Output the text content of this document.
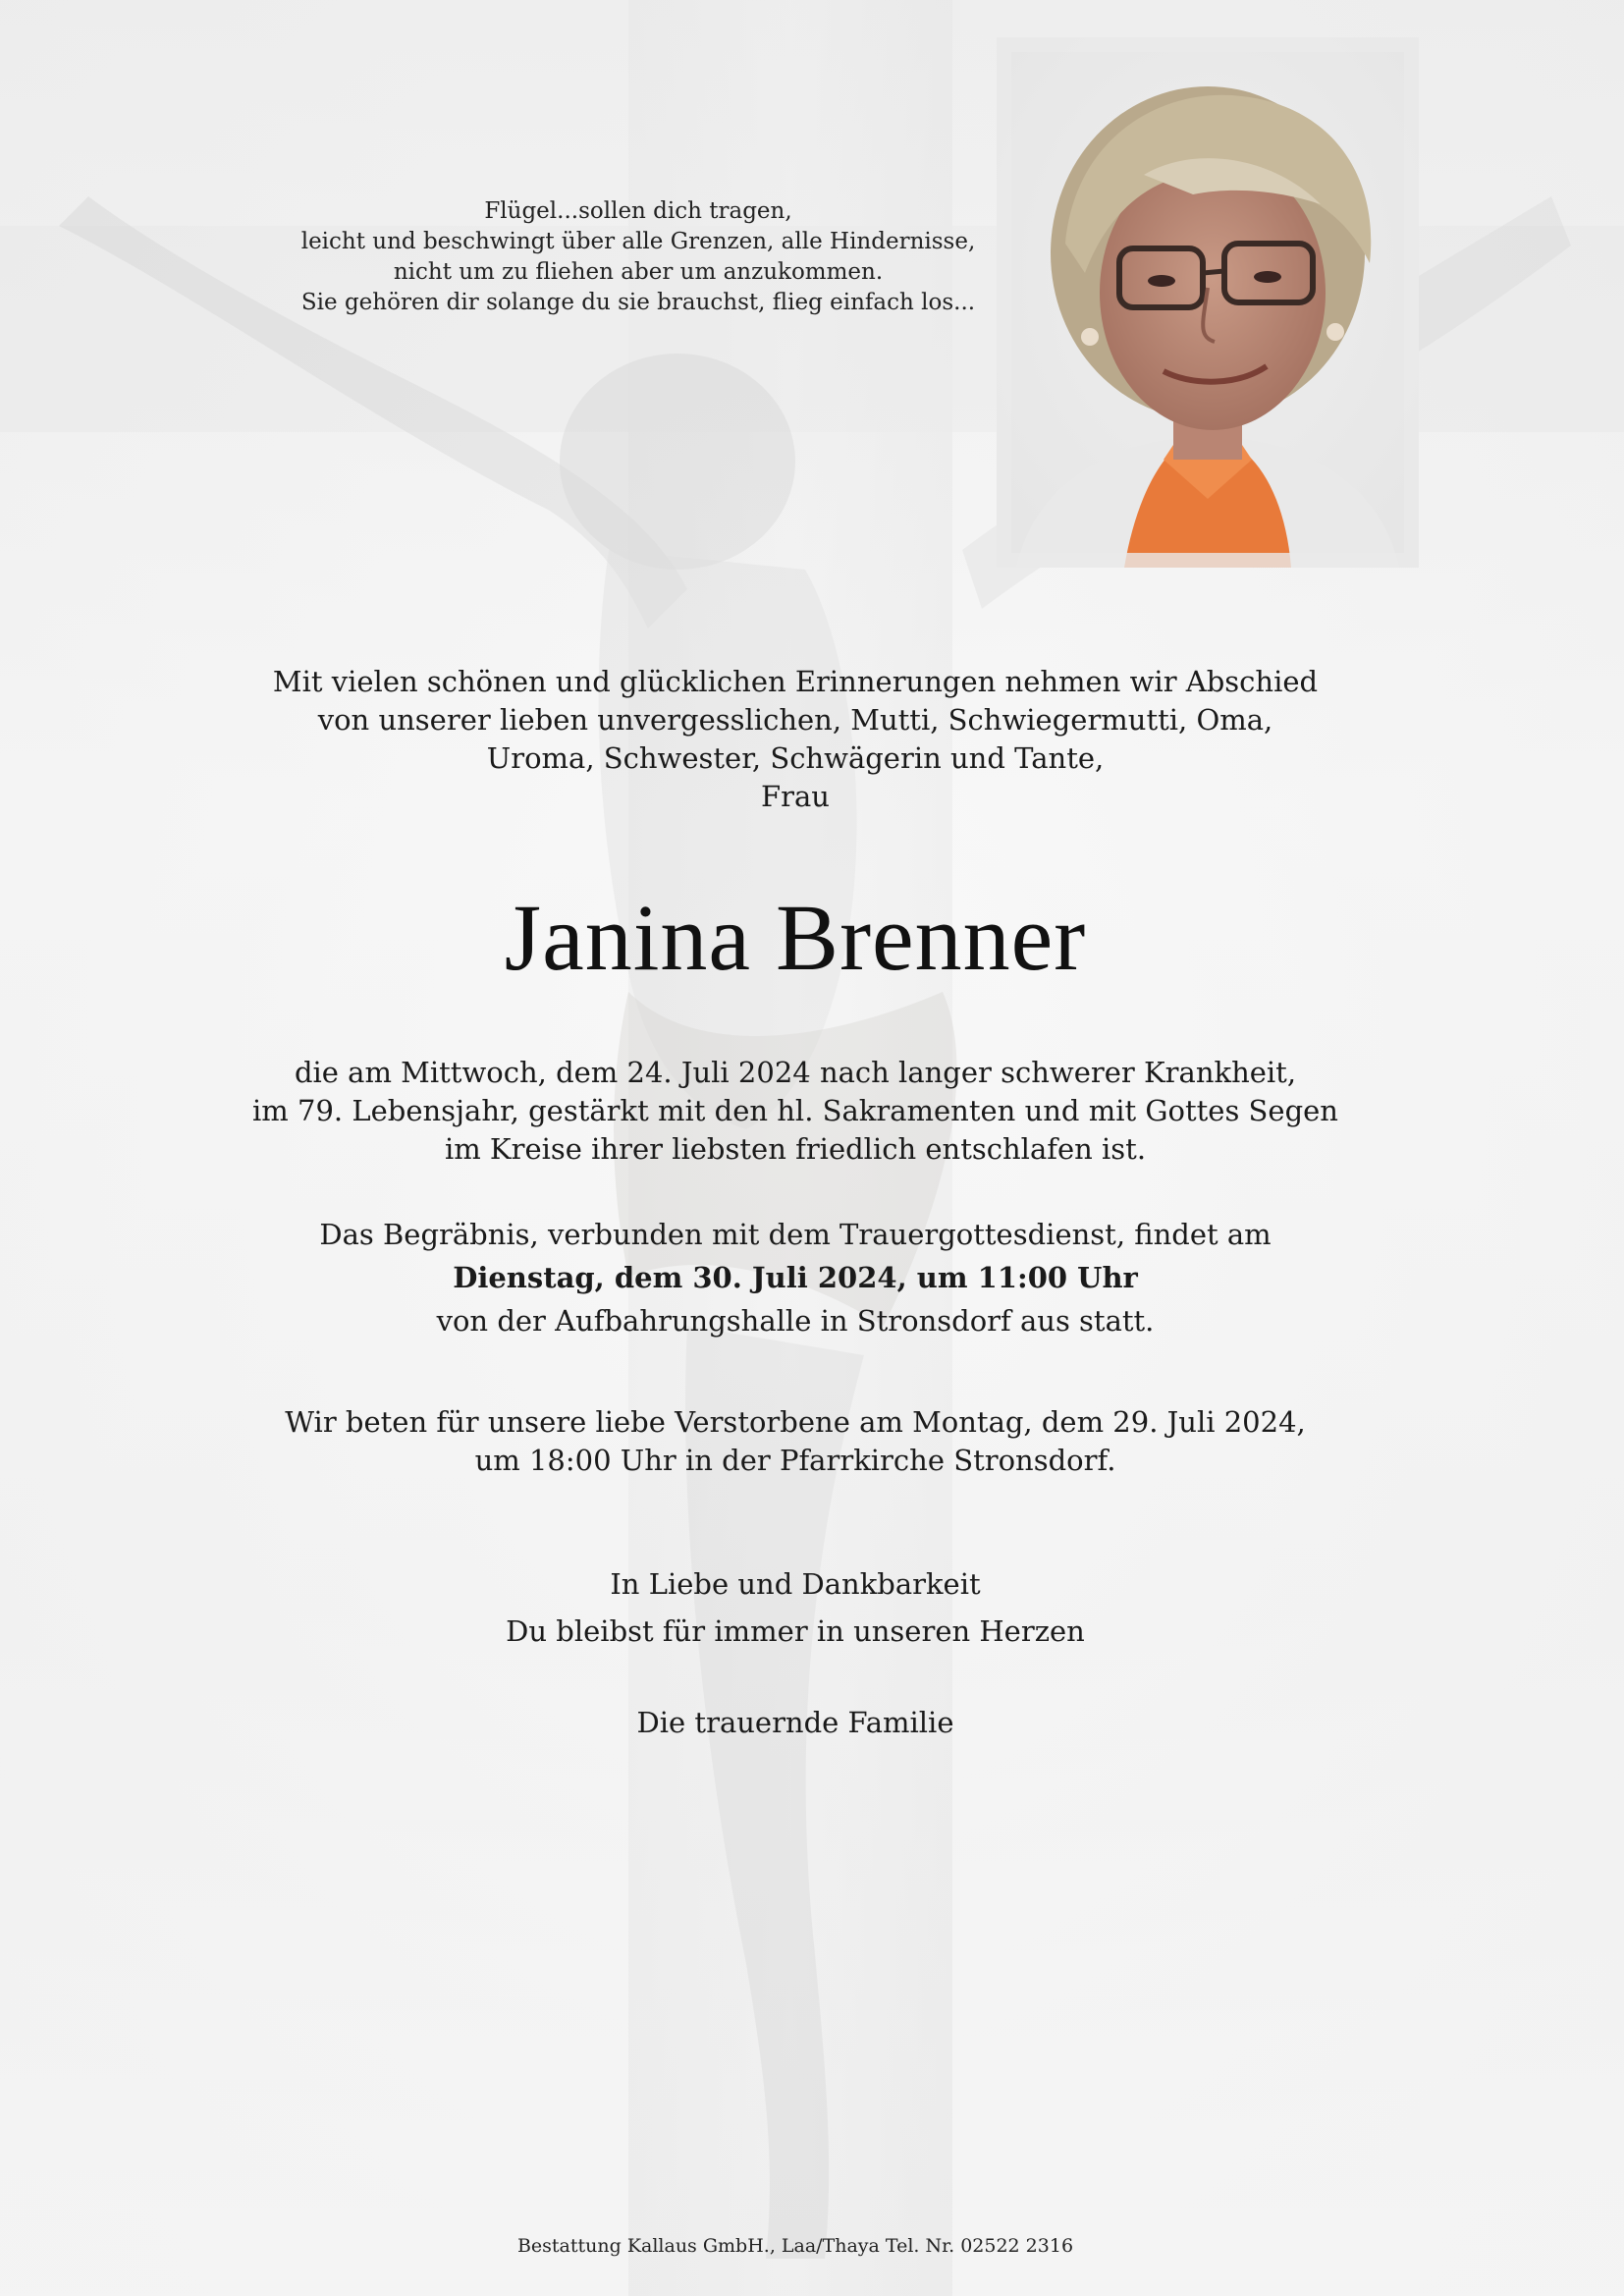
Flügel...sollen dich tragen,
leicht und beschwingt über alle Grenzen, alle Hindernisse,
nicht um zu fliehen aber um anzukommen.
Sie gehören dir solange du sie brauchst, flieg einfach los...
Mit vielen schönen und glücklichen Erinnerungen nehmen wir Abschied
von unserer lieben unvergesslichen, Mutti, Schwiegermutti, Oma,
Uroma, Schwester, Schwägerin und Tante,
Frau
Janina Brenner
die am Mittwoch, dem 24. Juli 2024 nach langer schwerer Krankheit,
im 79. Lebensjahr, gestärkt mit den hl. Sakramenten und mit Gottes Segen
im Kreise ihrer liebsten friedlich entschlafen ist.
Das Begräbnis, verbunden mit dem Trauergottesdienst, findet am
Dienstag, dem 30. Juli 2024, um 11:00 Uhr
von der Aufbahrungshalle in Stronsdorf aus statt.
Wir beten für unsere liebe Verstorbene am Montag, dem 29. Juli 2024,
um 18:00 Uhr in der Pfarrkirche Stronsdorf.
In Liebe und Dankbarkeit
Du bleibst für immer in unseren Herzen
Die trauernde Familie
Bestattung Kallaus GmbH., Laa/Thaya Tel. Nr. 02522 2316
